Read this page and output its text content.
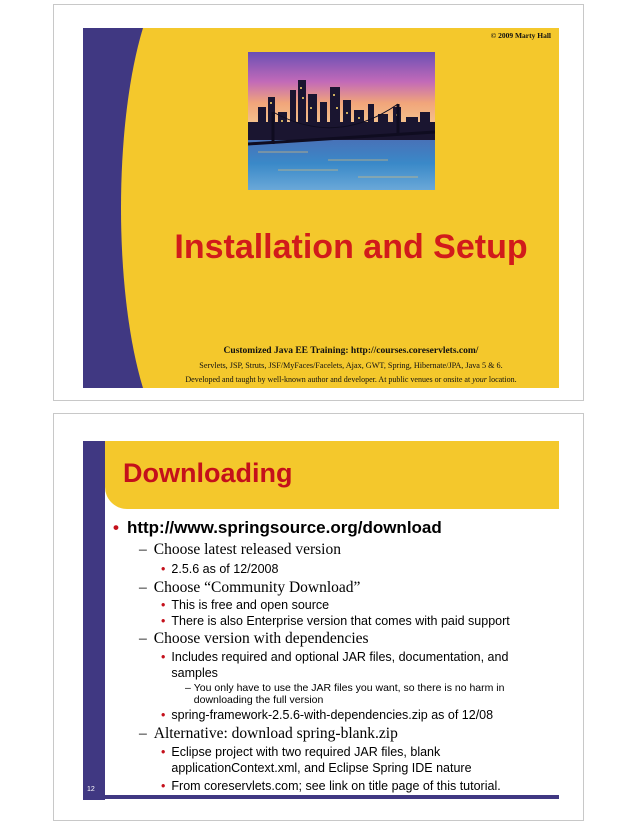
© 2009 Marty Hall
Installation and Setup
Customized Java EE Training: http://courses.coreservlets.com/
Servlets, JSP, Struts, JSF/MyFaces/Facelets, Ajax, GWT, Spring, Hibernate/JPA, Java 5 & 6.
Developed and taught by well-known author and developer. At public venues or onsite at your location.
Downloading
12
• http://www.springsource.org/download
– Choose latest released version
• 2.5.6 as of 12/2008
– Choose “Community Download”
• This is free and open source
• There is also Enterprise version that comes with paid support
– Choose version with dependencies
• Includes required and optional JAR files, documentation, and samples
– You only have to use the JAR files you want, so there is no harm in downloading the full version
• spring-framework-2.5.6-with-dependencies.zip as of 12/08
– Alternative: download spring-blank.zip
• Eclipse project with two required JAR files, blank applicationContext.xml, and Eclipse Spring IDE nature
• From coreservlets.com; see link on title page of this tutorial.
